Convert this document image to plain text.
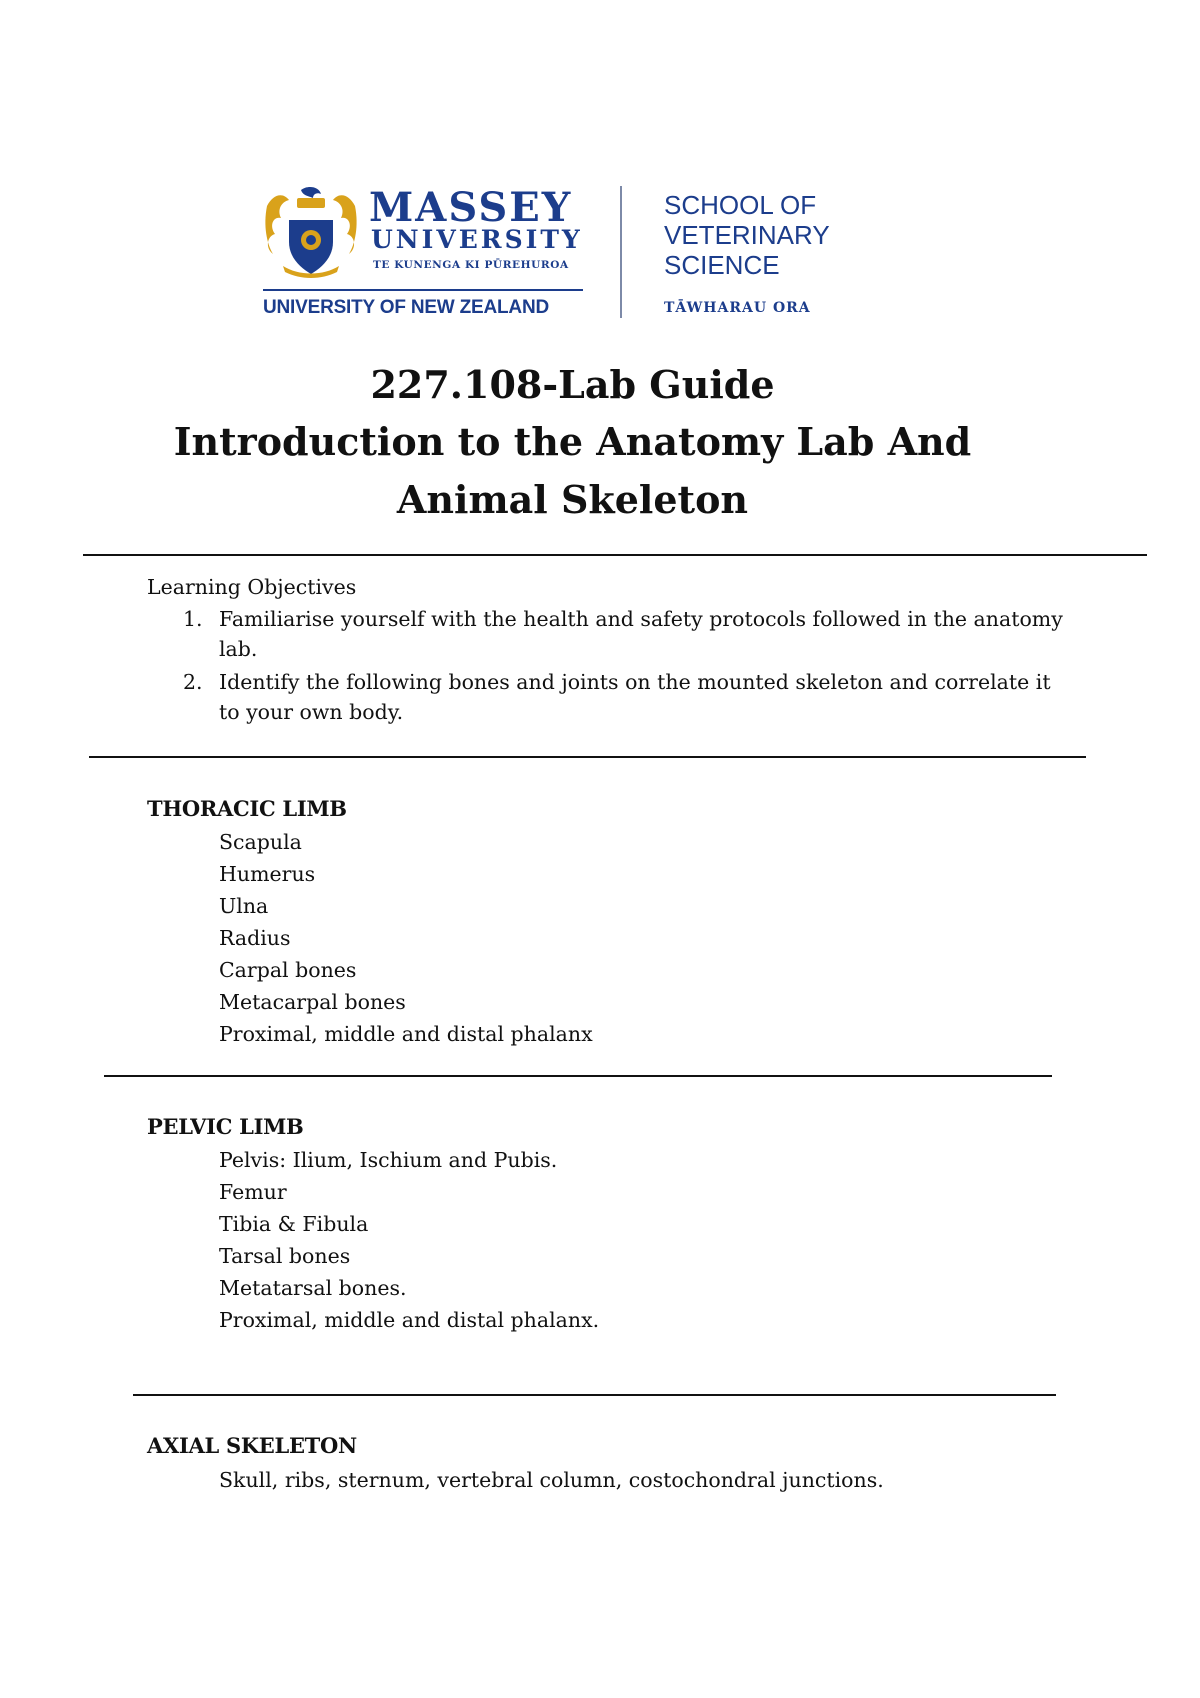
MASSEY
UNIVERSITY
TE KUNENGA KI PŪREHUROA
UNIVERSITY OF NEW ZEALAND
SCHOOL OF
VETERINARY
SCIENCE
TĀWHARAU ORA
227.108-Lab Guide
Introduction to the Anatomy Lab And
Animal Skeleton
Learning Objectives
1. Familiarise yourself with the health and safety protocols followed in the anatomy lab.
2. Identify the following bones and joints on the mounted skeleton and correlate it to your own body.
THORACIC LIMB
Scapula
Humerus
Ulna
Radius
Carpal bones
Metacarpal bones
Proximal, middle and distal phalanx
PELVIC LIMB
Pelvis: Ilium, Ischium and Pubis.
Femur
Tibia & Fibula
Tarsal bones
Metatarsal bones.
Proximal, middle and distal phalanx.
AXIAL SKELETON
Skull, ribs, sternum, vertebral column, costochondral junctions.
